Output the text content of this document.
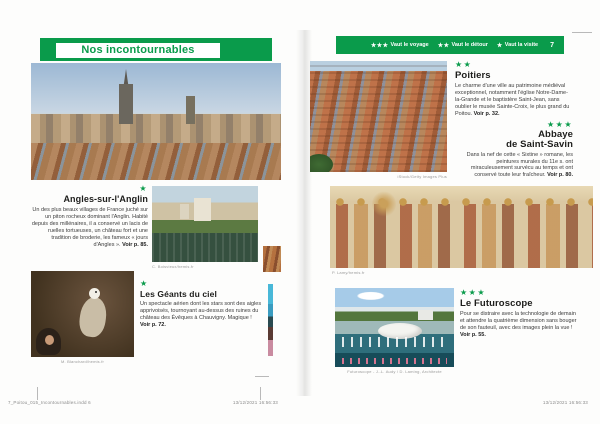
Nos incontournables
★
Angles-sur-l'Anglin
Un des plus beaux villages de France juché sur un piton rocheux dominant l'Anglin. Habité depuis des millénaires, il a conservé un lacis de ruelles tortueuses, un château fort et une tradition de broderie, les fameux « jours d'Angles ». Voir p. 85.
C. Boisvieux/hemis.fr
M. Blanchard/hemis.fr
★
Les Géants du ciel
Un spectacle aérien dont les stars sont des aigles apprivoisés, tournoyant au-dessus des ruines du château des Évêques à Chauvigny. Magique ! Voir p. 72.
★★★ Vaut le voyage ★★ Vaut le détour ★ Vaut la visite 7
iStock/Getty Images Plus
★★
Poitiers
Le charme d'une ville au patrimoine médiéval exceptionnel, notamment l'église Notre-Dame-la-Grande et le baptistère Saint-Jean, sans oublier le musée Sainte-Croix, le plus grand du Poitou. Voir p. 32.
★★★
Abbaye
de Saint-Savin
Dans la nef de cette « Sixtine » romane, les peintures murales du 11e s. ont miraculeusement survécu au temps et ont conservé toute leur fraîcheur. Voir p. 80.
P. Lamy/hemis.fr
Futuroscope - J.-L. Audy / D. Laming, Architecte
★★★
Le Futuroscope
Pour se distraire avec la technologie de demain et attendre la quatrième dimension sans bouger de son fauteuil, avec des images plein la vue ! Voir p. 55.
7_Poitou_015_Incontournables.indd 6	13/12/2021 16:56:33	13/12/2021 16:56:33
